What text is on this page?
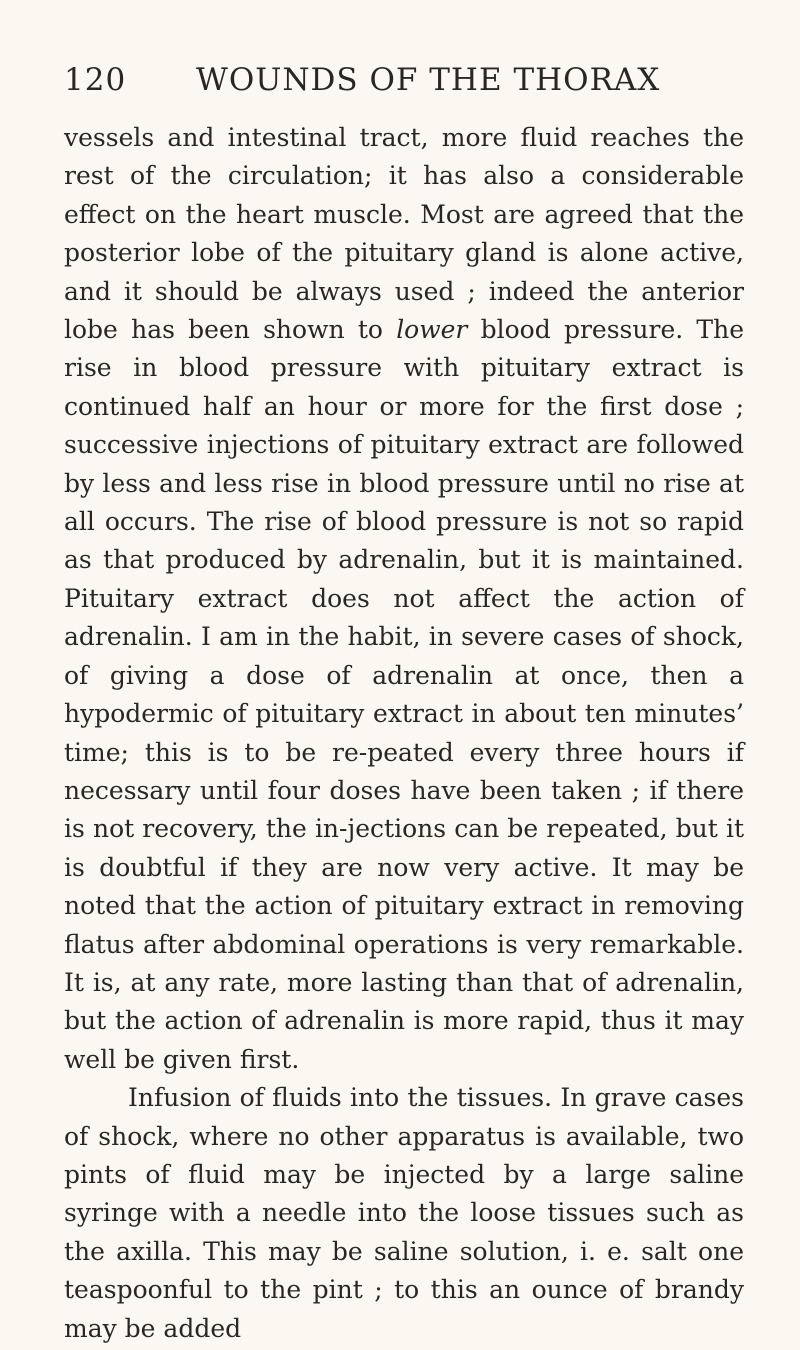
120 WOUNDS OF THE THORAX

vessels and intestinal tract, more fluid reaches the rest of the circulation; it has also a considerable effect on the heart muscle. Most are agreed that the posterior lobe of the pituitary gland is alone active, and it should be always used ; indeed the anterior lobe has been shown to lower blood pressure. The rise in blood pressure with pituitary extract is continued half an hour or more for the first dose ; successive injections of pituitary extract are followed by less and less rise in blood pressure until no rise at all occurs. The rise of blood pressure is not so rapid as that produced by adrenalin, but it is maintained. Pituitary extract does not affect the action of adrenalin. I am in the habit, in severe cases of shock, of giving a dose of adrenalin at once, then a hypodermic of pituitary extract in about ten minutes’ time; this is to be re-peated every three hours if necessary until four doses have been taken ; if there is not recovery, the in-jections can be repeated, but it is doubtful if they are now very active. It may be noted that the action of pituitary extract in removing flatus after abdominal operations is very remarkable. It is, at any rate, more lasting than that of adrenalin, but the action of adrenalin is more rapid, thus it may well be given first.

Infusion of fluids into the tissues. In grave cases of shock, where no other apparatus is available, two pints of fluid may be injected by a large saline syringe with a needle into the loose tissues such as the axilla. This may be saline solution, i. e. salt one teaspoonful to the pint ; to this an ounce of brandy may be added
